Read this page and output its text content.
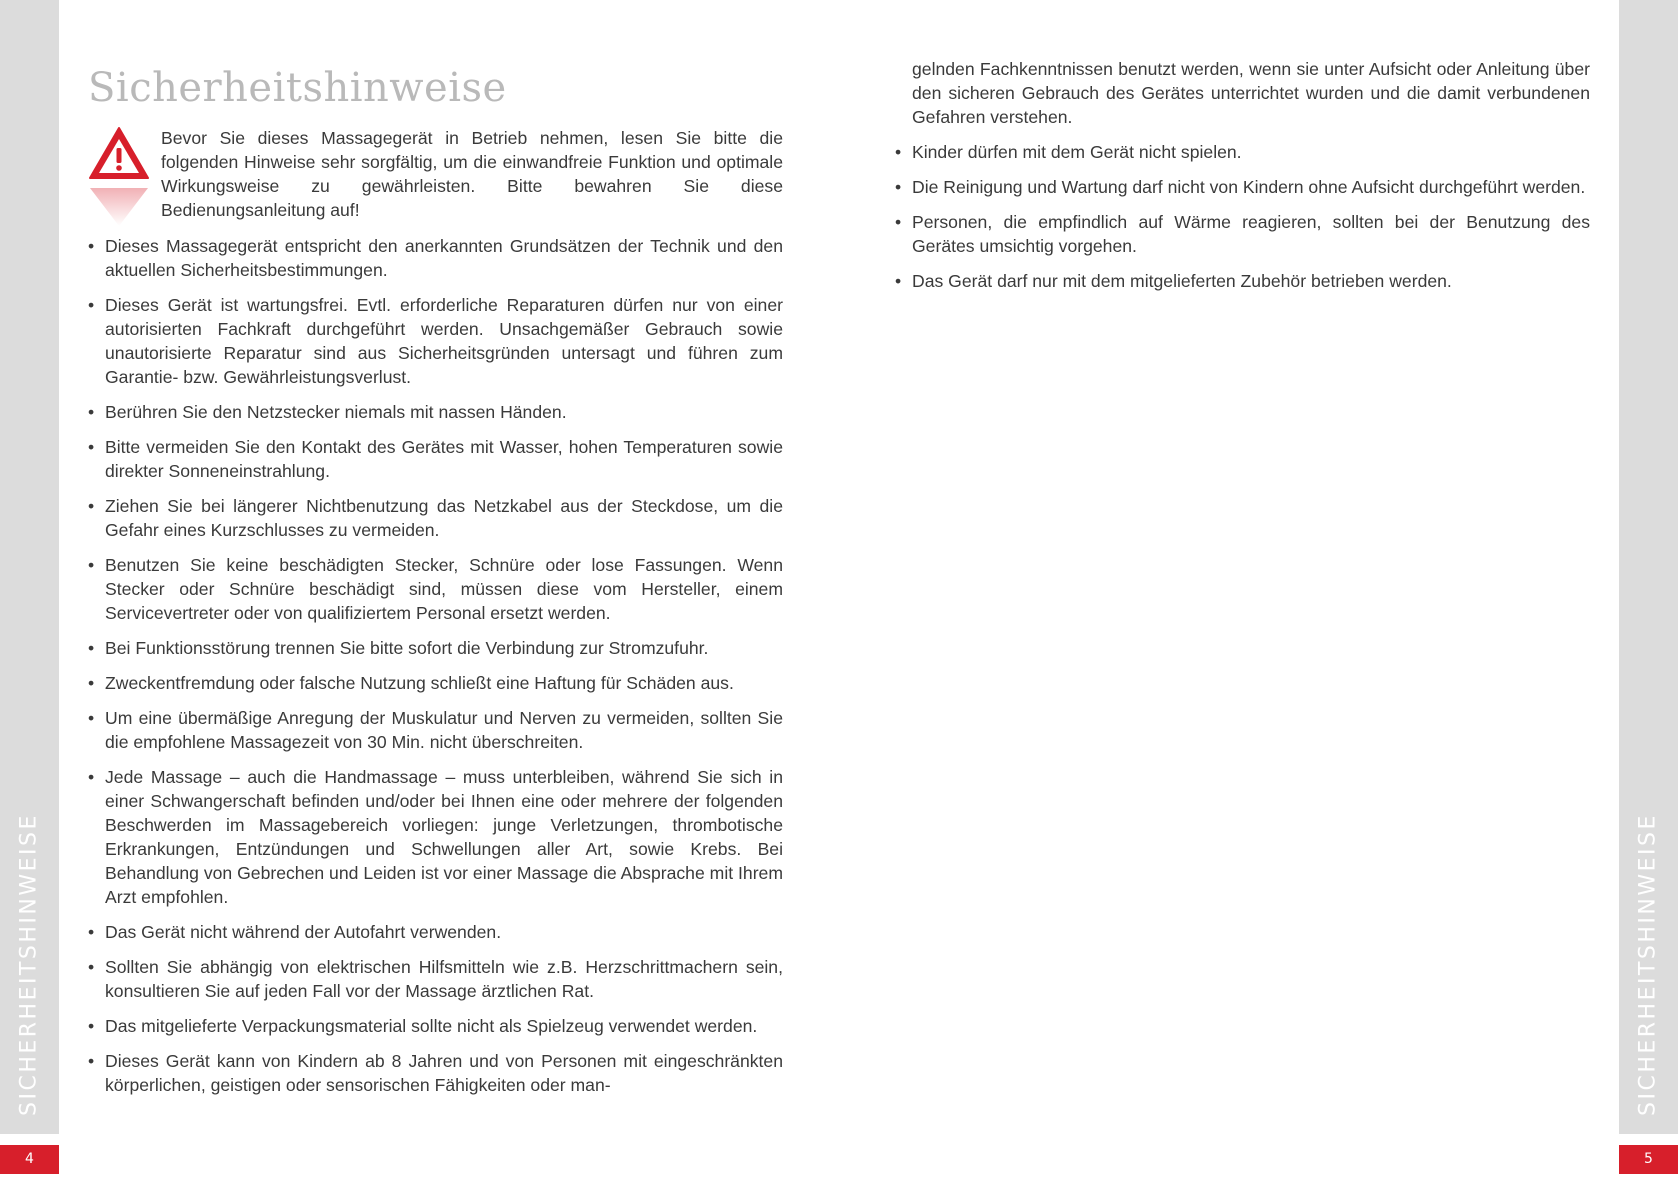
SICHERHEITSHINWEISE
4
SICHERHEITSHINWEISE
5
Sicherheitshinweise

Bevor Sie dieses Massagegerät in Betrieb nehmen, lesen Sie bitte die folgenden Hinweise sehr sorgfältig, um die einwandfreie Funktion und optimale Wirkungsweise zu gewährleisten. Bitte bewahren Sie diese Bedienungsanleitung auf!

• Dieses Massagegerät entspricht den anerkannten Grundsätzen der Technik und den aktuellen Sicherheitsbestimmungen.
• Dieses Gerät ist wartungsfrei. Evtl. erforderliche Reparaturen dürfen nur von einer autorisierten Fachkraft durchgeführt werden. Unsachgemäßer Gebrauch sowie unautorisierte Reparatur sind aus Sicherheitsgründen untersagt und führen zum Garantie- bzw. Gewährleistungsverlust.
• Berühren Sie den Netzstecker niemals mit nassen Händen.
• Bitte vermeiden Sie den Kontakt des Gerätes mit Wasser, hohen Temperaturen sowie direkter Sonneneinstrahlung.
• Ziehen Sie bei längerer Nichtbenutzung das Netzkabel aus der Steckdose, um die Gefahr eines Kurzschlusses zu vermeiden.
• Benutzen Sie keine beschädigten Stecker, Schnüre oder lose Fassungen. Wenn Stecker oder Schnüre beschädigt sind, müssen diese vom Hersteller, einem Servicevertreter oder von qualifiziertem Personal ersetzt werden.
• Bei Funktionsstörung trennen Sie bitte sofort die Verbindung zur Stromzufuhr.
• Zweckentfremdung oder falsche Nutzung schließt eine Haftung für Schäden aus.
• Um eine übermäßige Anregung der Muskulatur und Nerven zu vermeiden, sollten Sie die empfohlene Massagezeit von 30 Min. nicht überschreiten.
• Jede Massage – auch die Handmassage – muss unterbleiben, während Sie sich in einer Schwangerschaft befinden und/oder bei Ihnen eine oder mehrere der folgenden Beschwerden im Massagebereich vorliegen: junge Verletzungen, thrombotische Erkrankungen, Entzündungen und Schwellungen aller Art, sowie Krebs. Bei Behandlung von Gebrechen und Leiden ist vor einer Massage die Absprache mit Ihrem Arzt empfohlen.
• Das Gerät nicht während der Autofahrt verwenden.
• Sollten Sie abhängig von elektrischen Hilfsmitteln wie z.B. Herzschrittmachern sein, konsultieren Sie auf jeden Fall vor der Massage ärztlichen Rat.
• Das mitgelieferte Verpackungsmaterial sollte nicht als Spielzeug verwendet werden.
• Dieses Gerät kann von Kindern ab 8 Jahren und von Personen mit eingeschränkten körperlichen, geistigen oder sensorischen Fähigkeiten oder man-

gelnden Fachkenntnissen benutzt werden, wenn sie unter Aufsicht oder Anleitung über den sicheren Gebrauch des Gerätes unterrichtet wurden und die damit verbundenen Gefahren verstehen.

• Kinder dürfen mit dem Gerät nicht spielen.
• Die Reinigung und Wartung darf nicht von Kindern ohne Aufsicht durchgeführt werden.
• Personen, die empfindlich auf Wärme reagieren, sollten bei der Benutzung des Gerätes umsichtig vorgehen.
• Das Gerät darf nur mit dem mitgelieferten Zubehör betrieben werden.
